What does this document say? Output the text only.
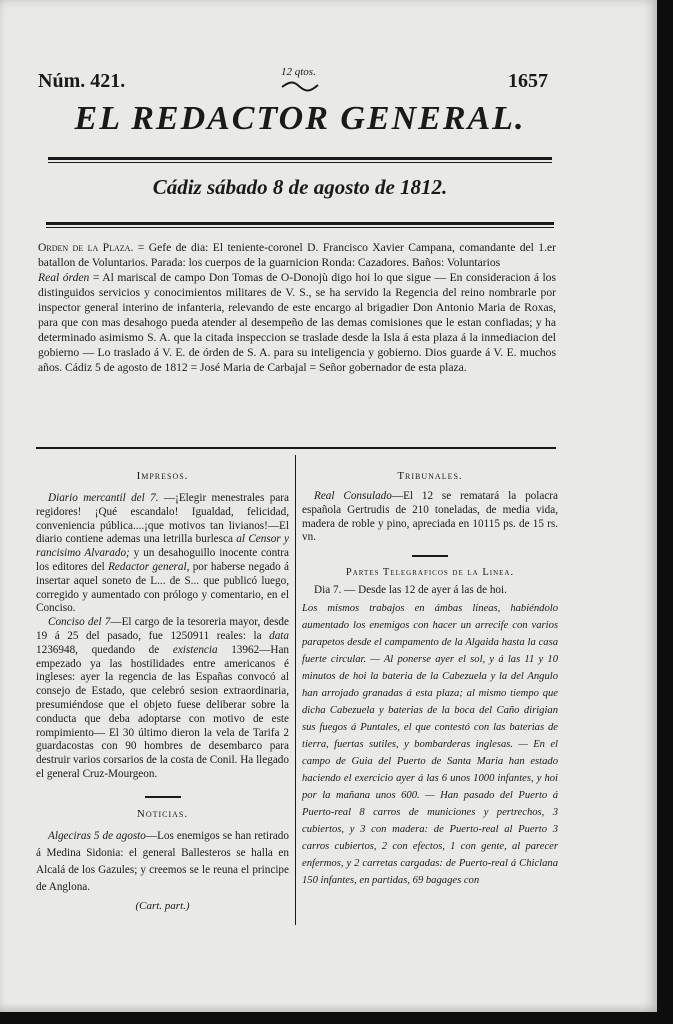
Núm. 421.	12 qtos.	1657
EL REDACTOR GENERAL.
Cádiz sábado 8 de agosto de 1812.
Orden de la Plaza. = Gefe de dia: El teniente-coronel D. Francisco Xavier Campana, comandante del 1.er batallon de Voluntarios. Parada: los cuerpos de la guarnicion Ronda: Cazadores. Baños: Voluntarios
Real órden = Al mariscal de campo Don Tomas de O-Donojù digo hoi lo que sigue — En consideracion á los distinguidos servicios y conocimientos militares de V. S., se ha servido la Regencia del reino nombrarle por inspector general interino de infanteria, relevando de este encargo al brigadier Don Antonio Maria de Roxas, para que con mas desahogo pueda atender al desempeño de las demas comisiones que le estan confiadas; y ha determinado asimismo S. A. que la citada inspeccion se traslade desde la Isla á esta plaza á la inmediacion del gobierno — Lo traslado á V. E. de órden de S. A. para su inteligencia y gobierno. Dios guarde á V. E. muchos años. Cádiz 5 de agosto de 1812 = José Maria de Carbajal = Señor gobernador de esta plaza.
Impresos.
Diario mercantil del 7. —¡Elegir menestrales para regidores! ¡Qué escandalo! Igualdad, felicidad, conveniencia pública....¡que motivos tan livianos!—El diario contiene ademas una letrilla burlesca al Censor y rancisimo Alvarado; y un desahoguillo inocente contra los editores del Redactor general, por haberse negado á insertar aquel soneto de L... de S... que publicó luego, corregido y aumentado con prólogo y comentario, en el Conciso.
Conciso del 7—El cargo de la tesoreria mayor, desde 19 á 25 del pasado, fue 1250911 reales: la data 1236948, quedando de existencia 13962—Han empezado ya las hostilidades entre americanos é ingleses: ayer la regencia de las Españas convocó al consejo de Estado, que celebró sesion extraordinaria, presumiéndose que el objeto fuese deliberar sobre la conducta que deba adoptarse con motivo de este rompimiento— El 30 último dieron la vela de Tarifa 2 guardacostas con 90 hombres de desembarco para destruir varios corsarios de la costa de Conil. Ha llegado el general Cruz-Mourgeon.
Noticias.
Algeciras 5 de agosto—Los enemigos se han retirado á Medina Sidonia: el general Ballesteros se halla en Alcalá de los Gazules; y creemos se le reuna el principe de Anglona.
(Cart. part.)
Tribunales.
Real Consulado—El 12 se rematará la polacra española Gertrudis de 210 toneladas, de media vida, madera de roble y pino, apreciada en 10115 ps. de 15 rs. vn.
Partes Telegraficos de la Linea.
Dia 7. — Desde las 12 de ayer á las de hoi.
Los mismos trabajos en ámbas lineas, habiéndolo aumentado los enemigos con hacer un arrecife con varios parapetos desde el campamento de la Algaida hasta la casa fuerte circular. — Al ponerse ayer el sol, y á las 11 y 10 minutos de hoi la bateria de la Cabezuela y la del Angulo han arrojado granadas á esta plaza; al mismo tiempo que dicha Cabezuela y baterias de la boca del Caño dirigian sus fuegos á Puntales, el que contestó con las baterias de tierra, fuertas sutiles, y bombarderas inglesas. — En el campo de Guia del Puerto de Santa Maria han estado haciendo el exercicio ayer á las 6 unos 1000 infantes, y hoi por la mañana unos 600. — Han pasado del Puerto á Puerto-real 8 carros de municiones y pertrechos, 3 cubiertos, y 3 con madera: de Puerto-real al Puerto 3 carros cubiertos, 2 con efectos, 1 con gente, al parecer enfermos, y 2 carretas cargadas: de Puerto-real á Chiclana 150 infantes, en partidas, 69 bagages con
